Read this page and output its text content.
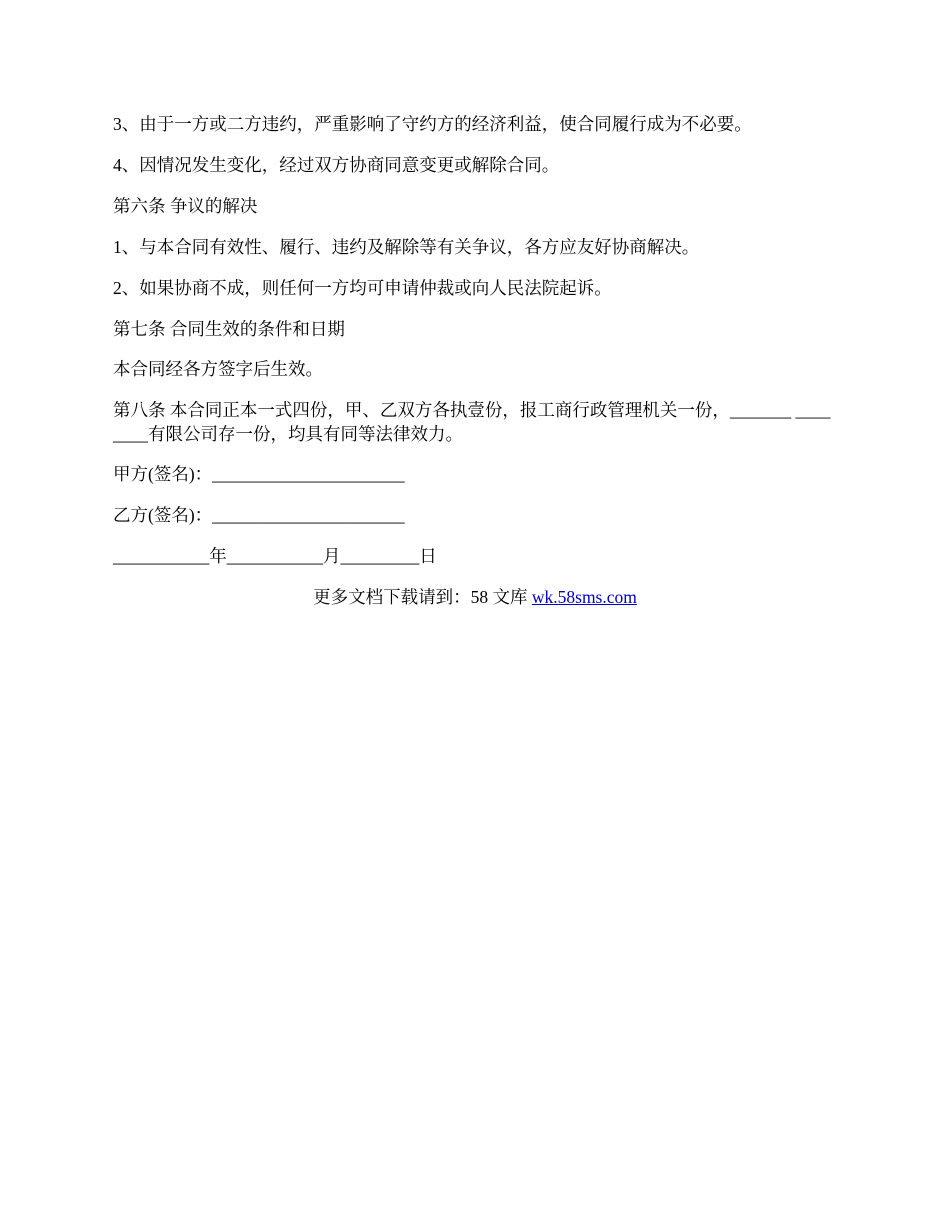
3、由于一方或二方违约，严重影响了守约方的经济利益，使合同履行成为不必要。
4、因情况发生变化，经过双方协商同意变更或解除合同。
第六条 争议的解决
1、与本合同有效性、履行、违约及解除等有关争议，各方应友好协商解决。
2、如果协商不成，则任何一方均可申请仲裁或向人民法院起诉。
第七条 合同生效的条件和日期
本合同经各方签字后生效。
第八条 本合同正本一式四份，甲、乙双方各执壹份，报工商行政管理机关一份，_______ ________有限公司存一份，均具有同等法律效力。
甲方(签名)：______________________
乙方(签名)：______________________
___________年___________月_________日
更多文档下载请到：58 文库 wk.58sms.com
